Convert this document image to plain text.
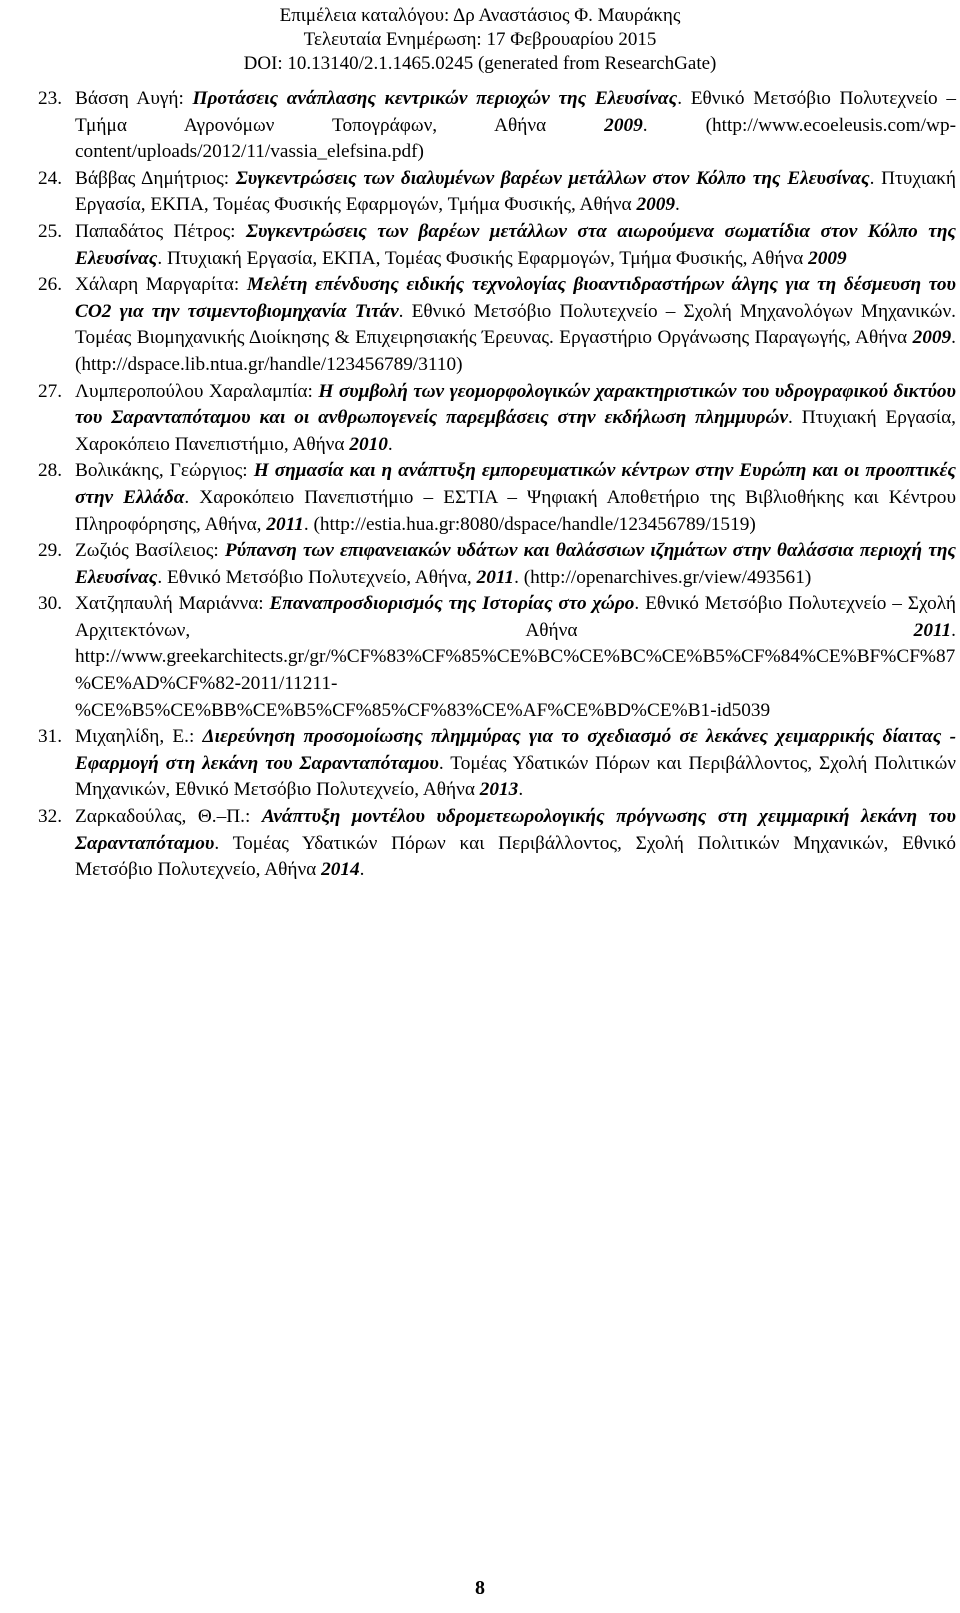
Επιμέλεια καταλόγου: Δρ Αναστάσιος Φ. Μαυράκης
Τελευταία Ενημέρωση: 17 Φεβρουαρίου 2015
DOI: 10.13140/2.1.1465.0245 (generated from ResearchGate)
23. Βάσση Αυγή: Προτάσεις ανάπλασης κεντρικών περιοχών της Ελευσίνας. Εθνικό Μετσόβιο Πολυτεχνείο – Τμήμα Αγρονόμων Τοπογράφων, Αθήνα 2009. (http://www.ecoeleusis.com/wp-content/uploads/2012/11/vassia_elefsina.pdf)
24. Βάββας Δημήτριος: Συγκεντρώσεις των διαλυμένων βαρέων μετάλλων στον Κόλπο της Ελευσίνας. Πτυχιακή Εργασία, ΕΚΠΑ, Τομέας Φυσικής Εφαρμογών, Τμήμα Φυσικής, Αθήνα 2009.
25. Παπαδάτος Πέτρος: Συγκεντρώσεις των βαρέων μετάλλων στα αιωρούμενα σωματίδια στον Κόλπο της Ελευσίνας. Πτυχιακή Εργασία, ΕΚΠΑ, Τομέας Φυσικής Εφαρμογών, Τμήμα Φυσικής, Αθήνα 2009
26. Χάλαρη Μαργαρίτα: Μελέτη επένδυσης ειδικής τεχνολογίας βιοαντιδραστήρων άλγης για τη δέσμευση του CO2 για την τσιμεντοβιομηχανία Τιτάν. Εθνικό Μετσόβιο Πολυτεχνείο – Σχολή Μηχανολόγων Μηχανικών. Τομέας Βιομηχανικής Διοίκησης & Επιχειρησιακής Έρευνας. Εργαστήριο Οργάνωσης Παραγωγής, Αθήνα 2009. (http://dspace.lib.ntua.gr/handle/123456789/3110)
27. Λυμπεροπούλου Χαραλαμπία: Η συμβολή των γεομορφολογικών χαρακτηριστικών του υδρογραφικού δικτύου του Σαρανταπόταμου και οι ανθρωπογενείς παρεμβάσεις στην εκδήλωση πλημμυρών. Πτυχιακή Εργασία, Χαροκόπειο Πανεπιστήμιο, Αθήνα 2010.
28. Βολικάκης, Γεώργιος: Η σημασία και η ανάπτυξη εμπορευματικών κέντρων στην Ευρώπη και οι προοπτικές στην Ελλάδα. Χαροκόπειο Πανεπιστήμιο – ΕΣΤΙΑ – Ψηφιακή Αποθετήριο της Βιβλιοθήκης και Κέντρου Πληροφόρησης, Αθήνα, 2011. (http://estia.hua.gr:8080/dspace/handle/123456789/1519)
29. Ζωζιός Βασίλειος: Ρύπανση των επιφανειακών υδάτων και θαλάσσιων ιζημάτων στην θαλάσσια περιοχή της Ελευσίνας. Εθνικό Μετσόβιο Πολυτεχνείο, Αθήνα, 2011. (http://openarchives.gr/view/493561)
30. Χατζηπαυλή Μαριάννα: Επαναπροσδιορισμός της Ιστορίας στο χώρο. Εθνικό Μετσόβιο Πολυτεχνείο – Σχολή Αρχιτεκτόνων, Αθήνα 2011. http://www.greekarchitects.gr/gr/%CF%83%CF%85%CE%BC%CE%BC%CE%B5%CF%84%CE%BF%CF%87%CE%AD%CF%82-2011/11211-%CE%B5%CE%BB%CE%B5%CF%85%CF%83%CE%AF%CE%BD%CE%B1-id5039
31. Μιχαηλίδη, Ε.: Διερεύνηση προσομοίωσης πλημμύρας για το σχεδιασμό σε λεκάνες χειμαρρικής δίαιτας - Εφαρμογή στη λεκάνη του Σαρανταπόταμου. Τομέας Υδατικών Πόρων και Περιβάλλοντος, Σχολή Πολιτικών Μηχανικών, Εθνικό Μετσόβιο Πολυτεχνείο, Αθήνα 2013.
32. Ζαρκαδούλας, Θ.–Π.: Ανάπτυξη μοντέλου υδρομετεωρολογικής πρόγνωσης στη χειμμαρική λεκάνη του Σαρανταπόταμου. Τομέας Υδατικών Πόρων και Περιβάλλοντος, Σχολή Πολιτικών Μηχανικών, Εθνικό Μετσόβιο Πολυτεχνείο, Αθήνα 2014.
8
